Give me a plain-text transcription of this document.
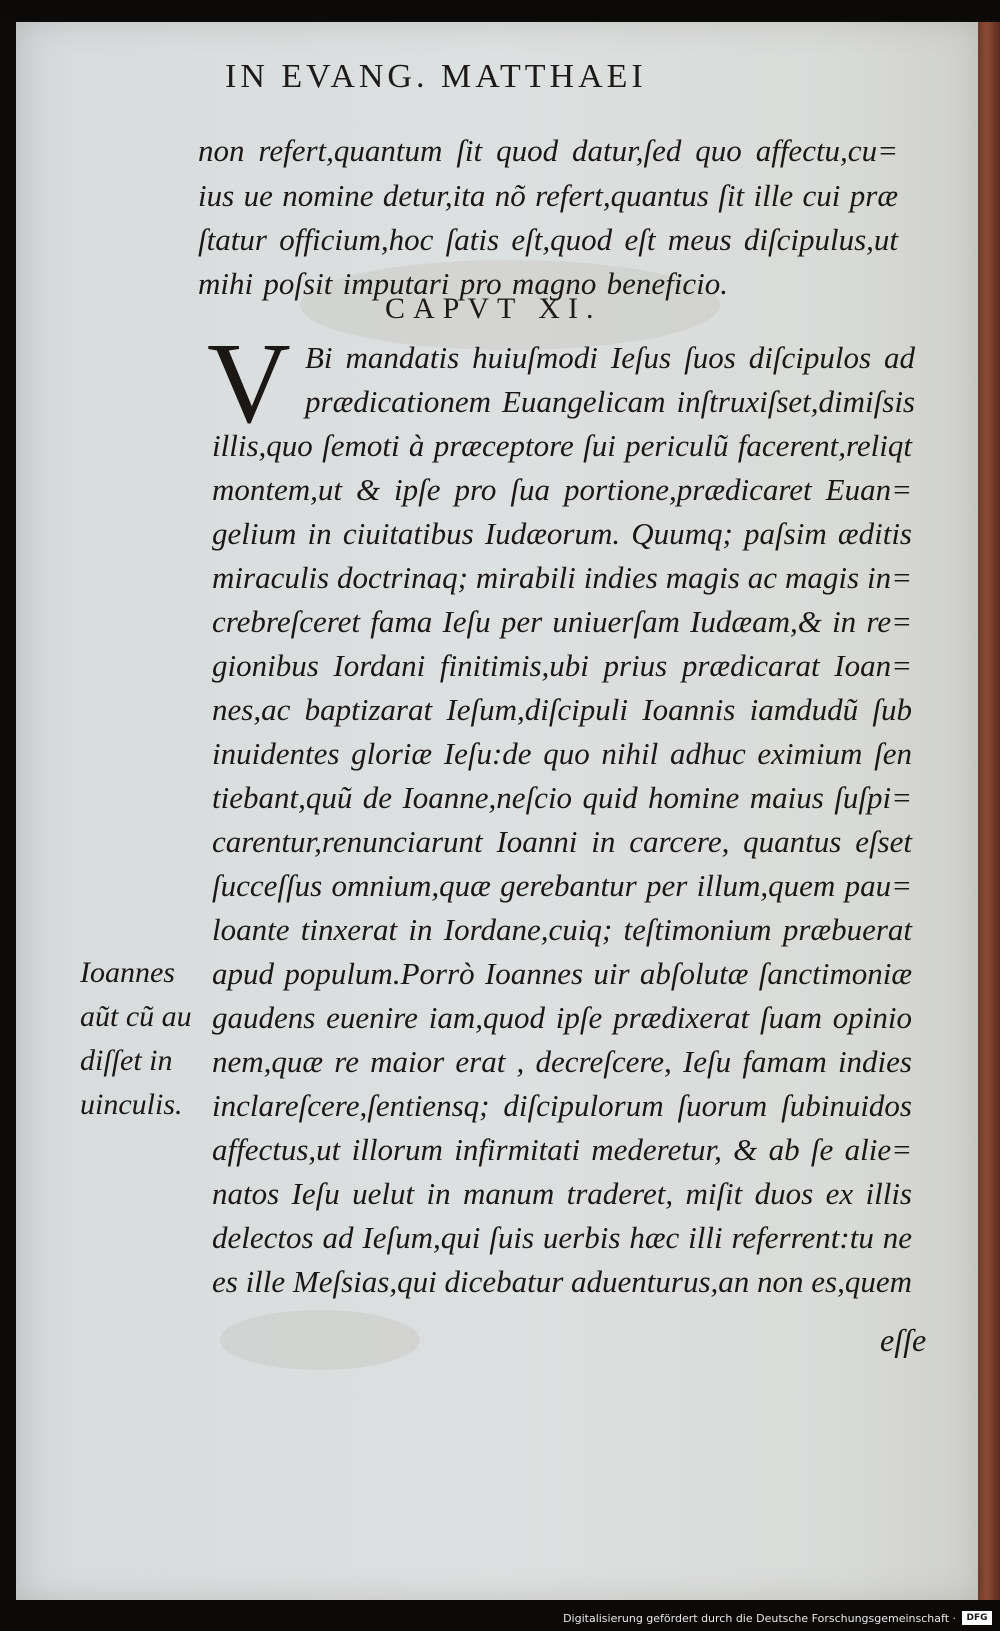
IN EVANG. MATTHAEI
CAPVT XI.
V
eſſe
Digitalisierung gefördert durch die Deutsche Forschungsgemeinschaft ·	DFG
non refert,quantum ſit quod datur,ſed quo affectu,cu=
ius ue nomine detur,ita nõ refert,quantus ſit ille cui præ
ſtatur officium,hoc ſatis eſt,quod eſt meus diſcipulus,ut
mihi poſsit imputari pro magno beneficio.
Bi mandatis huiuſmodi Ieſus ſuos diſcipulos ad
prædicationem Euangelicam inſtruxiſset,dimiſsis
illis,quo ſemoti à præceptore ſui periculũ facerent,reliqt
montem,ut & ipſe pro ſua portione,prædicaret Euan=
gelium in ciuitatibus Iudæorum. Quumq; paſsim æditis
miraculis doctrinaq; mirabili indies magis ac magis in=
crebreſceret fama Ieſu per uniuerſam Iudæam,& in re=
gionibus Iordani finitimis,ubi prius prædicarat Ioan=
nes,ac baptizarat Ieſum,diſcipuli Ioannis iamdudũ ſub
inuidentes gloriæ Ieſu:de quo nihil adhuc eximium ſen
tiebant,quũ de Ioanne,neſcio quid homine maius ſuſpi=
carentur,renunciarunt Ioanni in carcere, quantus eſset
ſucceſſus omnium,quæ gerebantur per illum,quem pau=
loante tinxerat in Iordane,cuiq; teſtimonium præbuerat
apud populum.Porrò Ioannes uir abſolutæ ſanctimoniæ
gaudens euenire iam,quod ipſe prædixerat ſuam opinio
nem,quæ re maior erat , decreſcere, Ieſu famam indies
inclareſcere,ſentiensq; diſcipulorum ſuorum ſubinuidos
affectus,ut illorum infirmitati mederetur, & ab ſe alie=
natos Ieſu uelut in manum traderet, miſit duos ex illis
delectos ad Ieſum,qui ſuis uerbis hæc illi referrent:tu ne
es ille Meſsias,qui dicebatur aduenturus,an non es,quem
Ioannes
aũt cũ au
diſſet in
uinculis.
